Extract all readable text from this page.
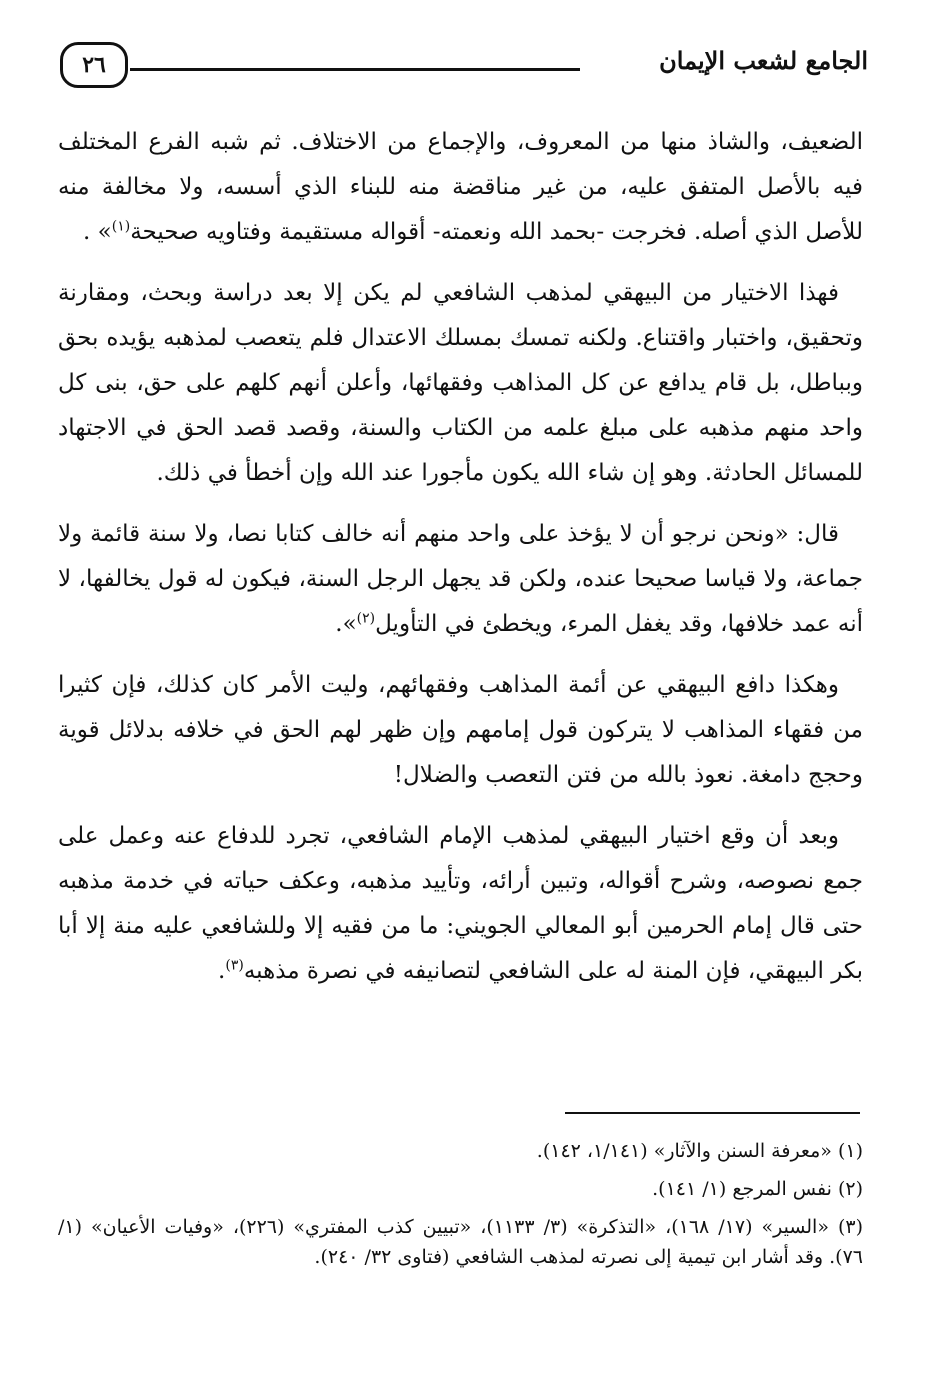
الجامع لشعب الإيمان
٢٦

الضعيف، والشاذ منها من المعروف، والإجماع من الاختلاف. ثم شبه الفرع المختلف فيه بالأصل المتفق عليه، من غير مناقضة منه للبناء الذي أسسه، ولا مخالفة منه للأصل الذي أصله. فخرجت -بحمد الله ونعمته- أقواله مستقيمة وفتاويه صحيحة$^{(١)}$» .

فهذا الاختيار من البيهقي لمذهب الشافعي لم يكن إلا بعد دراسة وبحث، ومقارنة وتحقيق، واختبار واقتناع. ولكنه تمسك بمسلك الاعتدال فلم يتعصب لمذهبه يؤيده بحق وبباطل، بل قام يدافع عن كل المذاهب وفقهائها، وأعلن أنهم كلهم على حق، بنى كل واحد منهم مذهبه على مبلغ علمه من الكتاب والسنة، وقصد قصد الحق في الاجتهاد للمسائل الحادثة. وهو إن شاء الله يكون مأجورا عند الله وإن أخطأ في ذلك.

قال: «ونحن نرجو أن لا يؤخذ على واحد منهم أنه خالف كتابا نصا، ولا سنة قائمة ولا جماعة، ولا قياسا صحيحا عنده، ولكن قد يجهل الرجل السنة، فيكون له قول يخالفها، لا أنه عمد خلافها، وقد يغفل المرء، ويخطئ في التأويل$^{(٢)}$».

وهكذا دافع البيهقي عن أئمة المذاهب وفقهائهم، وليت الأمر كان كذلك، فإن كثيرا من فقهاء المذاهب لا يتركون قول إمامهم وإن ظهر لهم الحق في خلافه بدلائل قوية وحجج دامغة. نعوذ بالله من فتن التعصب والضلال!

وبعد أن وقع اختيار البيهقي لمذهب الإمام الشافعي، تجرد للدفاع عنه وعمل على جمع نصوصه، وشرح أقواله، وتبين أرائه، وتأييد مذهبه، وعكف حياته في خدمة مذهبه حتى قال إمام الحرمين أبو المعالي الجويني: ما من فقيه إلا وللشافعي عليه منة إلا أبا بكر البيهقي، فإن المنة له على الشافعي لتصانيفه في نصرة مذهبه$^{(٣)}$.

(١) «معرفة السنن والآثار» (١/١٤١، ١٤٢).
(٢) نفس المرجع (١/ ١٤١).
(٣) «السير» (١٧/ ١٦٨)، «التذكرة» (٣/ ١١٣٣)، «تبيين كذب المفتري» (٢٢٦)، «وفيات الأعيان» (١/ ٧٦). وقد أشار ابن تيمية إلى نصرته لمذهب الشافعي (فتاوى ٣٢/ ٢٤٠).
